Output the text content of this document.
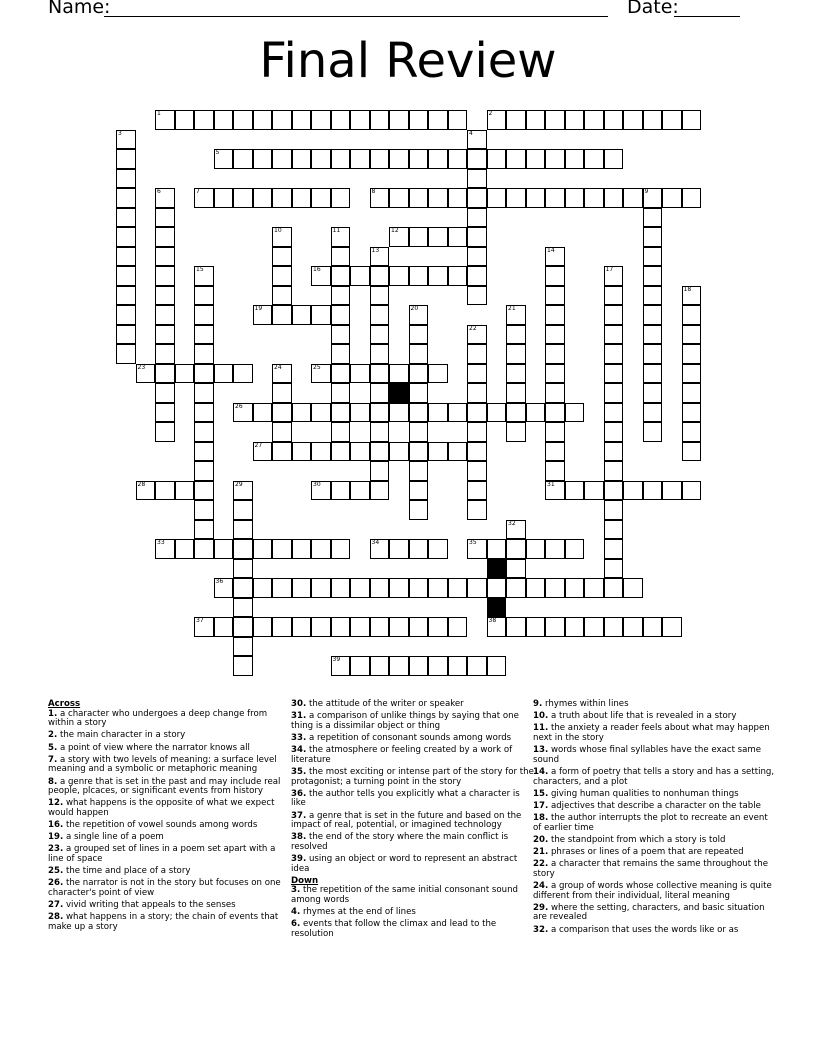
Name:	Date:
Final Review
1	2
3	4
5
6	7	8	9
10	11	12
13	14
31
15	16	17
18
19	20	21
22
23	24	25
26
27
28	29	30
32
33	34	35
36
37	38
39

Across

1. a character who undergoes a deep change from within a story

2. the main character in a story

5. a point of view where the narrator knows all

7. a story with two levels of meaning: a surface level meaning and a symbolic or metaphoric meaning

8. a genre that is set in the past and may include real people, plcaces, or significant events from history

12. what happens is the opposite of what we expect would happen

16. the repetition of vowel sounds among words

19. a single line of a poem

23. a grouped set of lines in a poem set apart with a line of space

25. the time and place of a story

26. the narrator is not in the story but focuses on one character's point of view

27. vivid writing that appeals to the senses

28. what happens in a story; the chain of events that make up a story

30. the attitude of the writer or speaker

31. a comparison of unlike things by saying that one thing is a dissimilar object or thing

33. a repetition of consonant sounds among words

34. the atmosphere or feeling created by a work of literature

35. the most exciting or intense part of the story for the protagonist; a turning point in the story

36. the author tells you explicitly what a character is like

37. a genre that is set in the future and based on the impact of real, potential, or imagined technology

38. the end of the story where the main conflict is resolved

39. using an object or word to represent an abstract idea

Down

3. the repetition of the same initial consonant sound among words

4. rhymes at the end of lines

6. events that follow the climax and lead to the resolution

9. rhymes within lines

10. a truth about life that is revealed in a story

11. the anxiety a reader feels about what may happen next in the story

13. words whose final syllables have the exact same sound

14. a form of poetry that tells a story and has a setting, characters, and a plot

15. giving human qualities to nonhuman things

17. adjectives that describe a character on the table

18. the author interrupts the plot to recreate an event of earlier time

20. the standpoint from which a story is told

21. phrases or lines of a poem that are repeated

22. a character that remains the same throughout the story

24. a group of words whose collective meaning is quite different from their individual, literal meaning

29. where the setting, characters, and basic situation are revealed

32. a comparison that uses the words like or as
